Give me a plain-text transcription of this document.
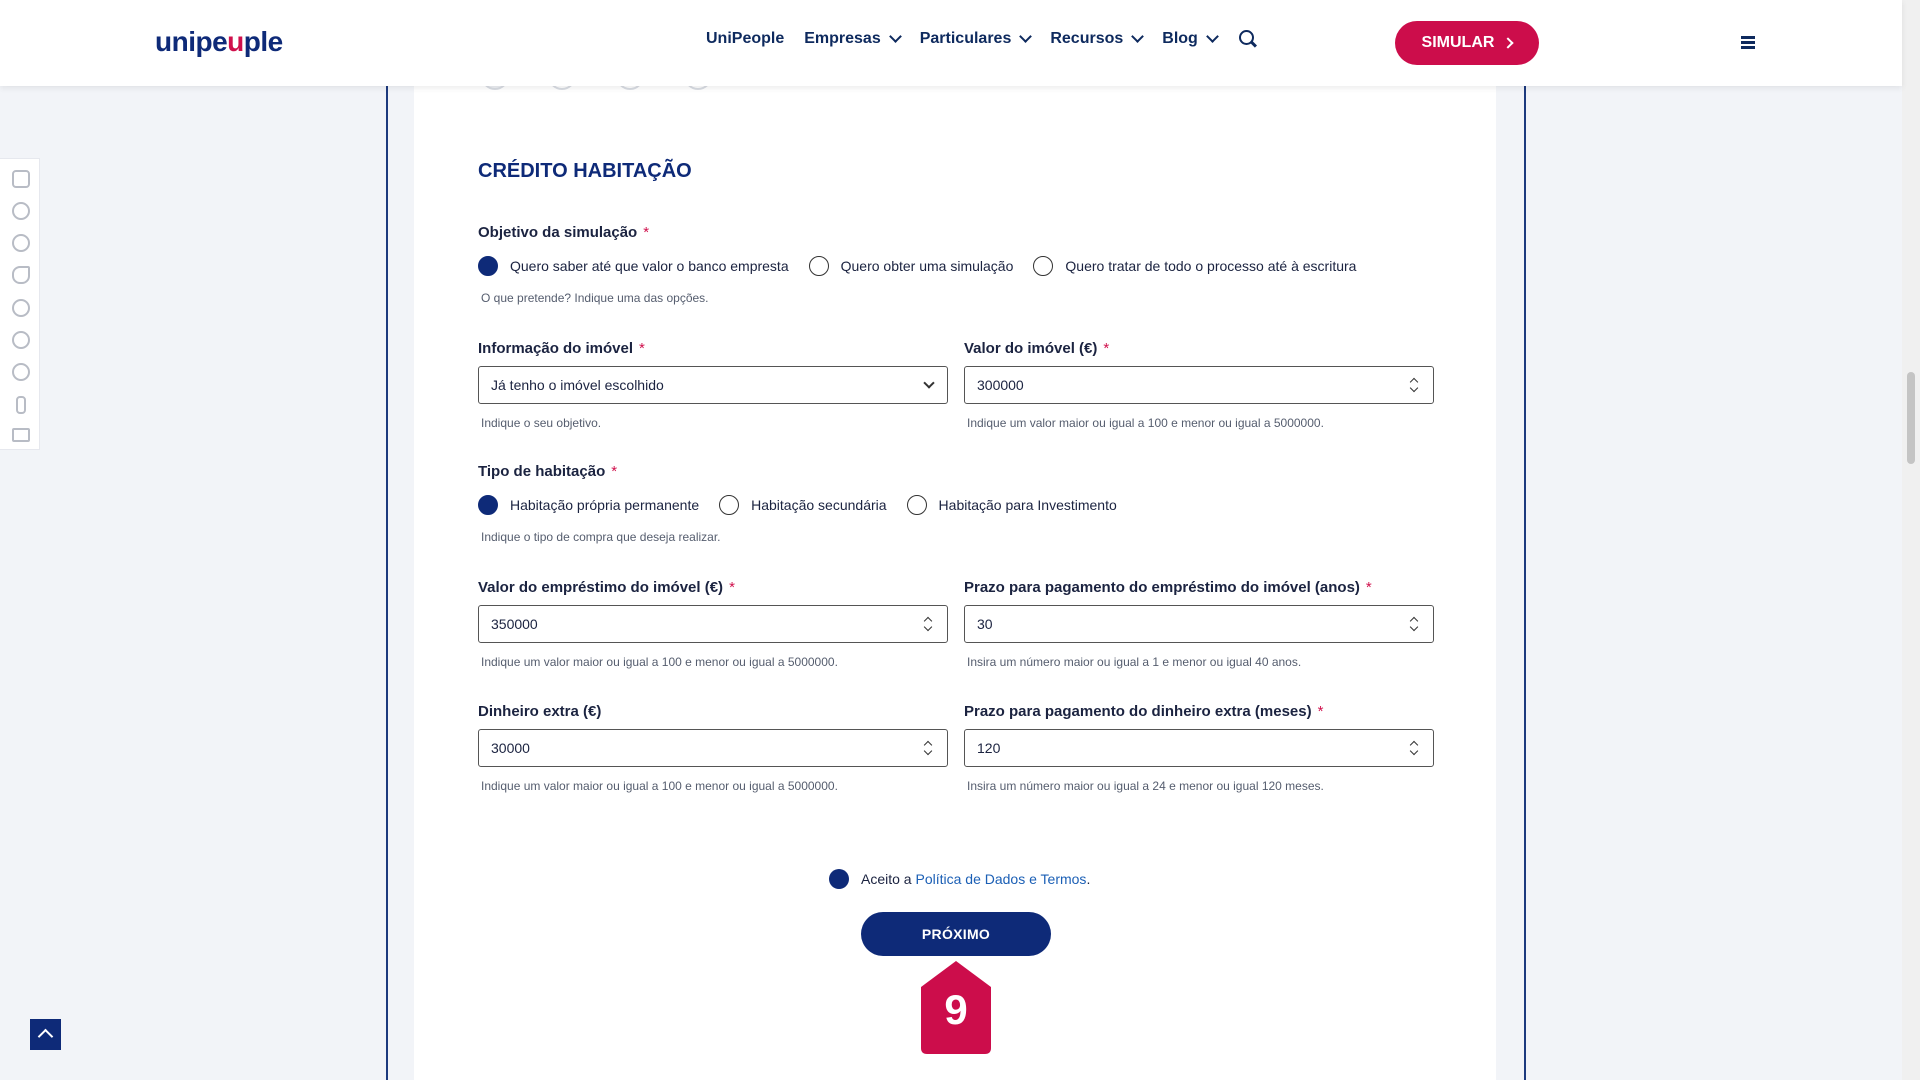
unipeuple	UniPeople Empresas Particulares Recursos Blog	SIMULAR
CRÉDITO HABITAÇÃO
Objetivo da simulação *
Quero saber até que valor o banco empresta	Quero obter uma simulação	Quero tratar de todo o processo até à escritura
O que pretende? Indique uma das opções.
Informação do imóvel *
Já tenho o imóvel escolhido
Indique o seu objetivo.
Valor do imóvel (€) *
300000
Indique um valor maior ou igual a 100 e menor ou igual a 5000000.
Tipo de habitação *
Habitação própria permanente	Habitação secundária	Habitação para Investimento
Indique o tipo de compra que deseja realizar.
Valor do empréstimo do imóvel (€) *
350000
Indique um valor maior ou igual a 100 e menor ou igual a 5000000.
Prazo para pagamento do empréstimo do imóvel (anos) *
30
Insira um número maior ou igual a 1 e menor ou igual 40 anos.
Dinheiro extra (€)
30000
Indique um valor maior ou igual a 100 e menor ou igual a 5000000.
Prazo para pagamento do dinheiro extra (meses) *
120
Insira um número maior ou igual a 24 e menor ou igual 120 meses.
Aceito a Política de Dados e Termos .
PRÓXIMO
9
